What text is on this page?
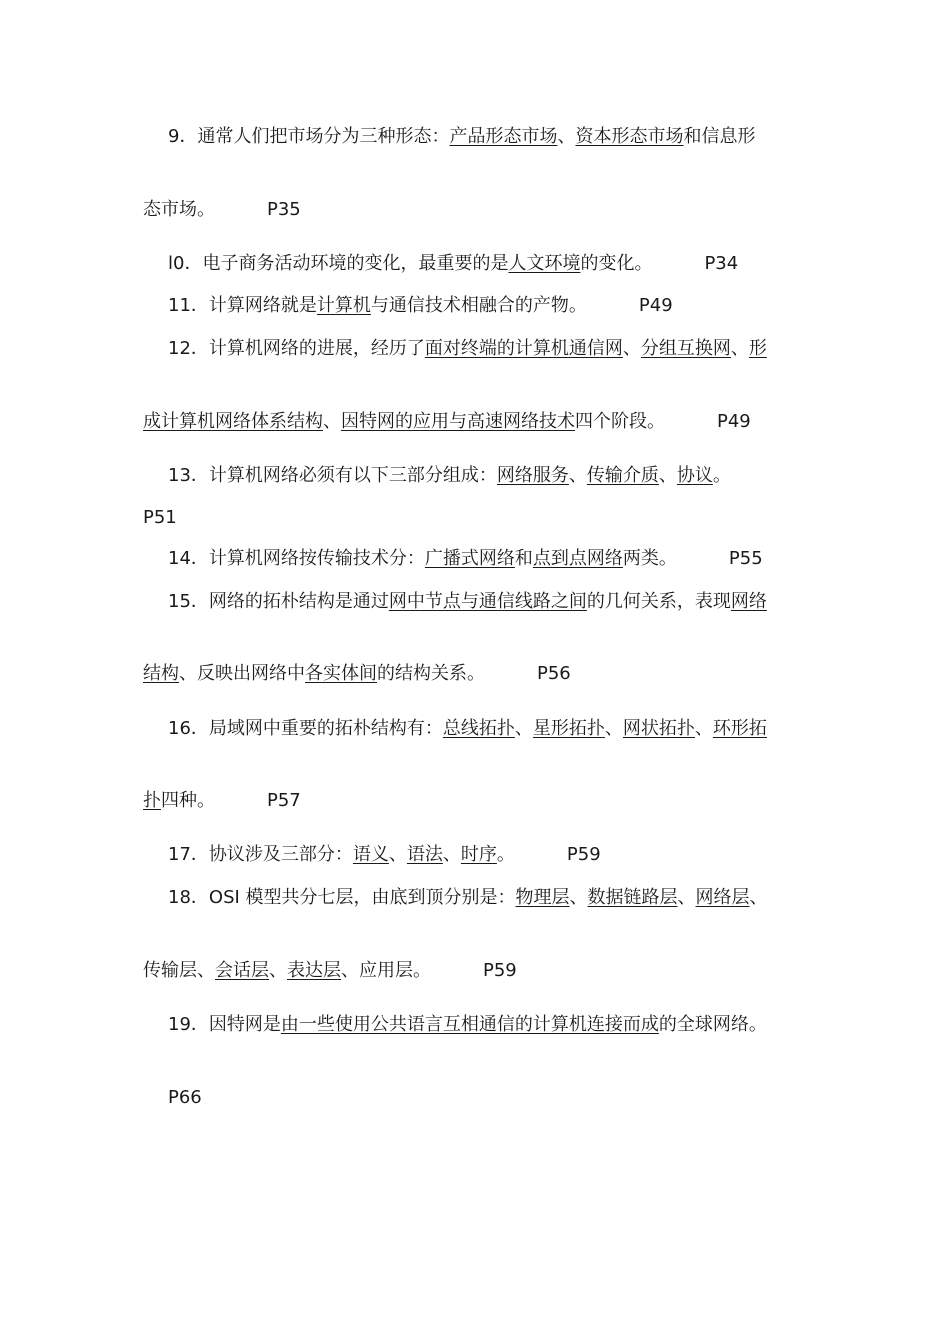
9．通常人们把市场分为三种形态：产品形态市场、资本形态市场和信息形
态市场。	P35
l0．电子商务活动环境的变化，最重要的是人文环境的变化。	P34
11．计算网络就是计算机与通信技术相融合的产物。	P49
12．计算机网络的进展，经历了面对终端的计算机通信网、分组互换网、形
成计算机网络体系结构、因特网的应用与高速网络技术四个阶段。	P49
13．计算机网络必须有以下三部分组成：网络服务、传输介质、协议。
P51
14．计算机网络按传输技术分：广播式网络和点到点网络两类。	P55
15．网络的拓朴结构是通过网中节点与通信线路之间的几何关系，表现网络
结构、反映出网络中各实体间的结构关系。	P56
16．局域网中重要的拓朴结构有：总线拓扑、星形拓扑、网状拓扑、环形拓
扑四种。	P57
17．协议涉及三部分：语义、语法、时序。	P59
18．OSI 模型共分七层，由底到顶分别是：物理层、数据链路层、网络层、
传输层、会话层、表达层、应用层。	P59
19．因特网是由一些使用公共语言互相通信的计算机连接而成的全球网络。
P66
